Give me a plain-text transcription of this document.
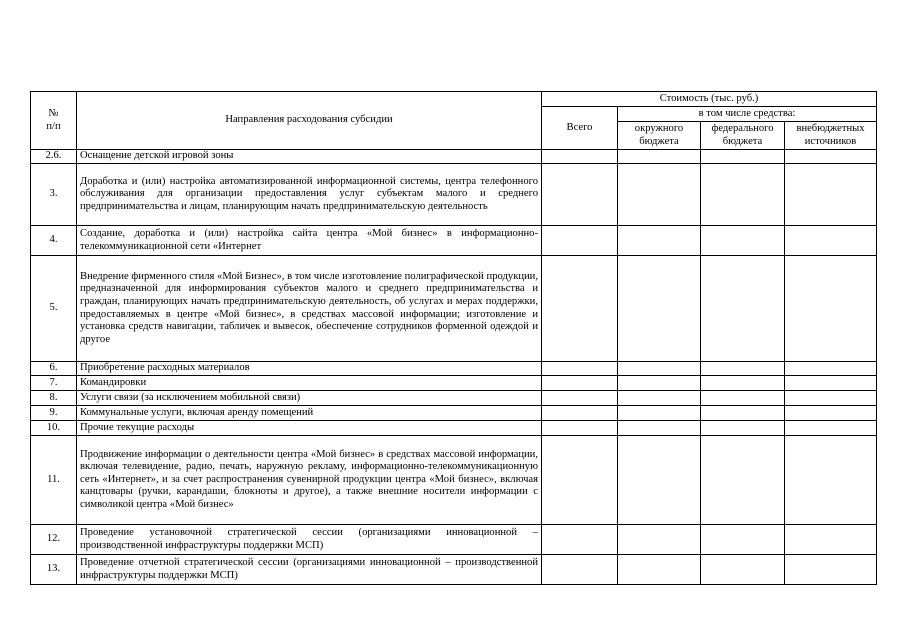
№
п/п	Направления расходования субсидии	Стоимость (тыс. руб.)			
		Всего	в том числе средства:		
			окружного бюджета	федерального бюджета	внебюджетных источников
2.6.	Оснащение детской игровой зоны				
3.	Доработка и (или) настройка автоматизированной информационной системы, центра телефонного обслуживания для организации предоставления услуг субъектам малого и среднего предпринимательства и лицам, планирующим начать предпринимательскую деятельность				
4.	Создание, доработка и (или) настройка сайта центра «Мой бизнес» в информационно-телекоммуникационной сети «Интернет				
5.	Внедрение фирменного стиля «Мой Бизнес», в том числе изготовление полиграфической продукции, предназначенной для информирования субъектов малого и среднего предпринимательства и граждан, планирующих начать предпринимательскую деятельность, об услугах и мерах поддержки, предоставляемых в центре «Мой бизнес», в средствах массовой информации; изготовление и установка средств навигации, табличек и вывесок, обеспечение сотрудников форменной одеждой и другое				
6.	Приобретение расходных материалов				
7.	Командировки				
8.	Услуги связи (за исключением мобильной связи)				
9.	Коммунальные услуги, включая аренду помещений				
10.	Прочие текущие расходы				
11.	Продвижение информации о деятельности центра «Мой бизнес» в средствах массовой информации, включая телевидение, радио, печать, наружную рекламу, информационно-телекоммуникационную сеть «Интернет», и за счет распространения сувенирной продукции центра «Мой бизнес», включая канцтовары (ручки, карандаши, блокноты и другое), а также внешние носители информации с символикой центра «Мой бизнес»				
12.	Проведение установочной стратегической сессии (организациями инновационной –производственной инфраструктуры поддержки МСП)				
13.	Проведение отчетной стратегической сессии (организациями инновационной – производственной инфраструктуры поддержки МСП)				
